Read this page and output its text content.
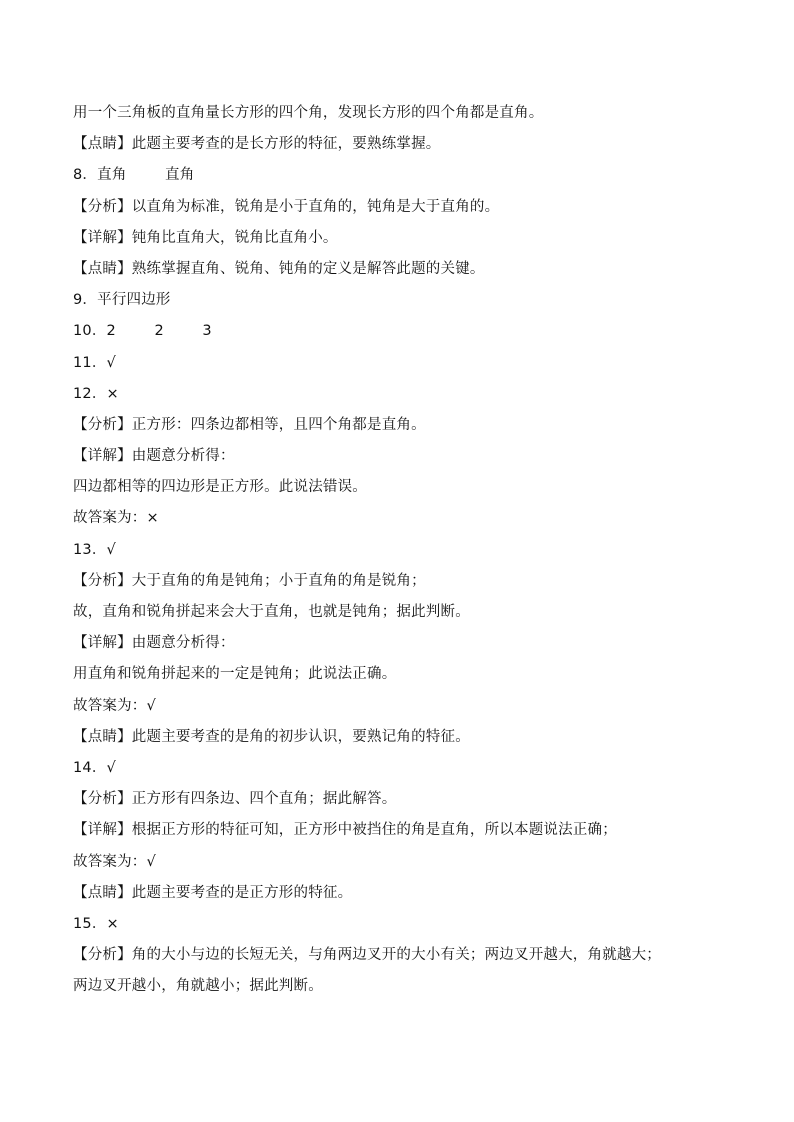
用一个三角板的直角量长方形的四个角，发现长方形的四个角都是直角。
【点睛】此题主要考查的是长方形的特征，要熟练掌握。
8．直角        直角
【分析】以直角为标准，锐角是小于直角的，钝角是大于直角的。
【详解】钝角比直角大，锐角比直角小。
【点睛】熟练掌握直角、锐角、钝角的定义是解答此题的关键。
9．平行四边形
10．2        2        3
11．√
12．×
【分析】正方形：四条边都相等，且四个角都是直角。
【详解】由题意分析得：
四边都相等的四边形是正方形。此说法错误。
故答案为：×
13．√
【分析】大于直角的角是钝角；小于直角的角是锐角；
故，直角和锐角拼起来会大于直角，也就是钝角；据此判断。
【详解】由题意分析得：
用直角和锐角拼起来的一定是钝角；此说法正确。
故答案为：√
【点睛】此题主要考查的是角的初步认识，要熟记角的特征。
14．√
【分析】正方形有四条边、四个直角；据此解答。
【详解】根据正方形的特征可知，正方形中被挡住的角是直角，所以本题说法正确；
故答案为：√
【点睛】此题主要考查的是正方形的特征。
15．×
【分析】角的大小与边的长短无关，与角两边叉开的大小有关；两边叉开越大，角就越大；
两边叉开越小，角就越小；据此判断。
